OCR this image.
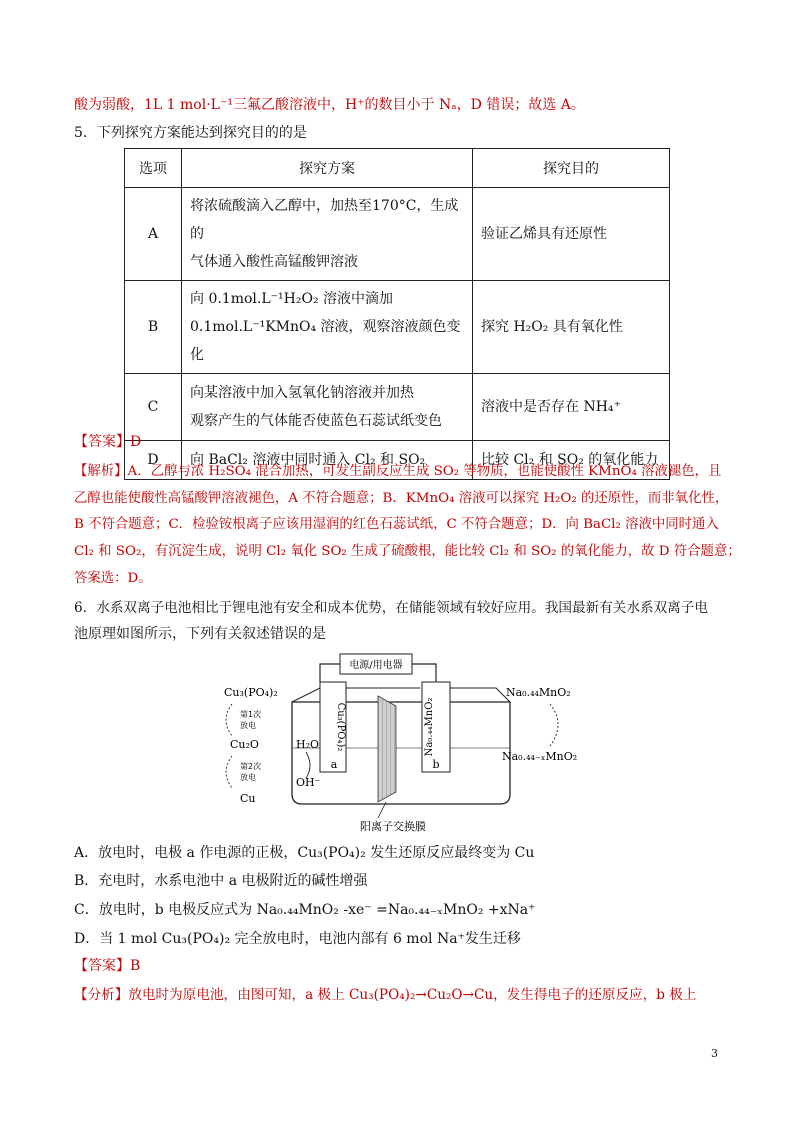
酸为弱酸，1L 1 mol·L⁻¹三氟乙酸溶液中，H⁺的数目小于 Nₐ，D 错误；故选 A。
5．下列探究方案能达到探究目的的是
选项	探究方案	探究目的
A	将浓硫酸滴入乙醇中，加热至170°C，生成的
气体通入酸性高锰酸钾溶液	验证乙烯具有还原性
B	向 0.1mol.L⁻¹H₂O₂ 溶液中滴加
0.1mol.L⁻¹KMnO₄ 溶液，观察溶液颜色变化	探究 H₂O₂ 具有氧化性
C	向某溶液中加入氢氧化钠溶液并加热
观察产生的气体能否使蓝色石蕊试纸变色	溶液中是否存在 NH₄⁺
D	向 BaCl₂ 溶液中同时通入 Cl₂ 和 SO₂	比较 Cl₂ 和 SO₂ 的氧化能力
【答案】D
【解析】A．乙醇与浓 H₂SO₄ 混合加热，可发生副反应生成 SO₂ 等物质，也能使酸性 KMnO₄ 溶液褪色，且
乙醇也能使酸性高锰酸钾溶液褪色，A 不符合题意；B．KMnO₄ 溶液可以探究 H₂O₂ 的还原性，而非氧化性，
B 不符合题意；C．检验铵根离子应该用湿润的红色石蕊试纸，C 不符合题意；D．向 BaCl₂ 溶液中同时通入
Cl₂ 和 SO₂，有沉淀生成，说明 Cl₂ 氧化 SO₂ 生成了硫酸根，能比较 Cl₂ 和 SO₂ 的氧化能力，故 D 符合题意；
答案选：D。
6．水系双离子电池相比于锂电池有安全和成本优势，在储能领域有较好应用。我国最新有关水系双离子电
池原理如图所示，下列有关叙述错误的是
电源/用电器
阳离子交换膜
Cu₃(PO₄)₂
a
Na₀.₄₄MnO₂
b
H₂O
OH⁻
Cu₃(PO₄)₂
Cu₂O
Cu
第1次
放电
第2次
放电
Na₀.₄₄MnO₂
Na₀.₄₄₋ₓMnO₂
A．放电时，电极 a 作电源的正极，Cu₃(PO₄)₂ 发生还原反应最终变为 Cu
B．充电时，水系电池中 a 电极附近的碱性增强
C．放电时，b 电极反应式为 Na₀.₄₄MnO₂ -xe⁻ =Na₀.₄₄₋ₓMnO₂ +xNa⁺
D．当 1 mol Cu₃(PO₄)₂ 完全放电时，电池内部有 6 mol Na⁺发生迁移
【答案】B
【分析】放电时为原电池，由图可知，a 极上 Cu₃(PO₄)₂→Cu₂O→Cu，发生得电子的还原反应，b 极上
3
